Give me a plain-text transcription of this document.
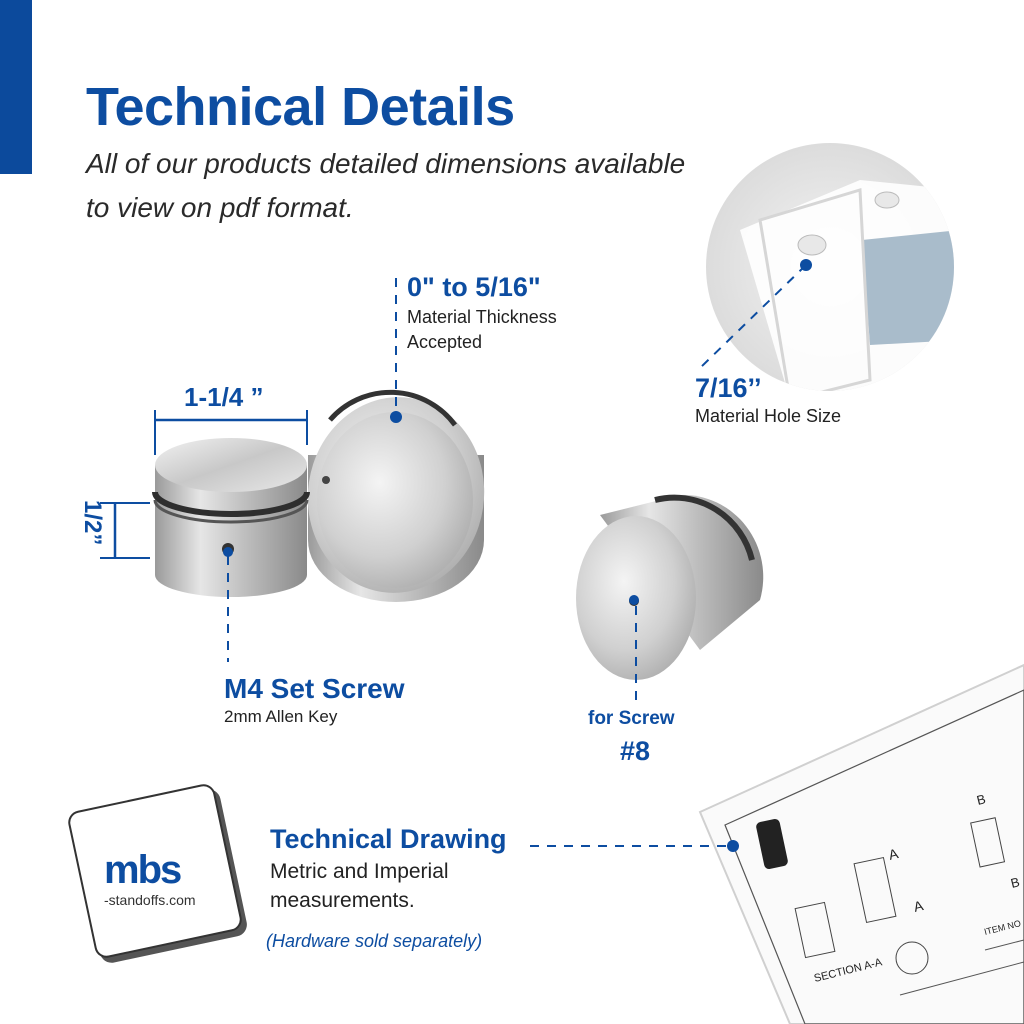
SECTION A-A
A
A
B
B
ITEM NO
Technical Details
All of our products detailed dimensions available to view on pdf format.
0" to 5/16"
Material Thickness Accepted
1-1/4 ”
1/2”
7/16’’
Material Hole Size
M4 Set Screw
2mm Allen Key	for Screw
#8
mbs
-standoffs.com
Technical Drawing
Metric and Imperial measurements.
(Hardware sold separately)
